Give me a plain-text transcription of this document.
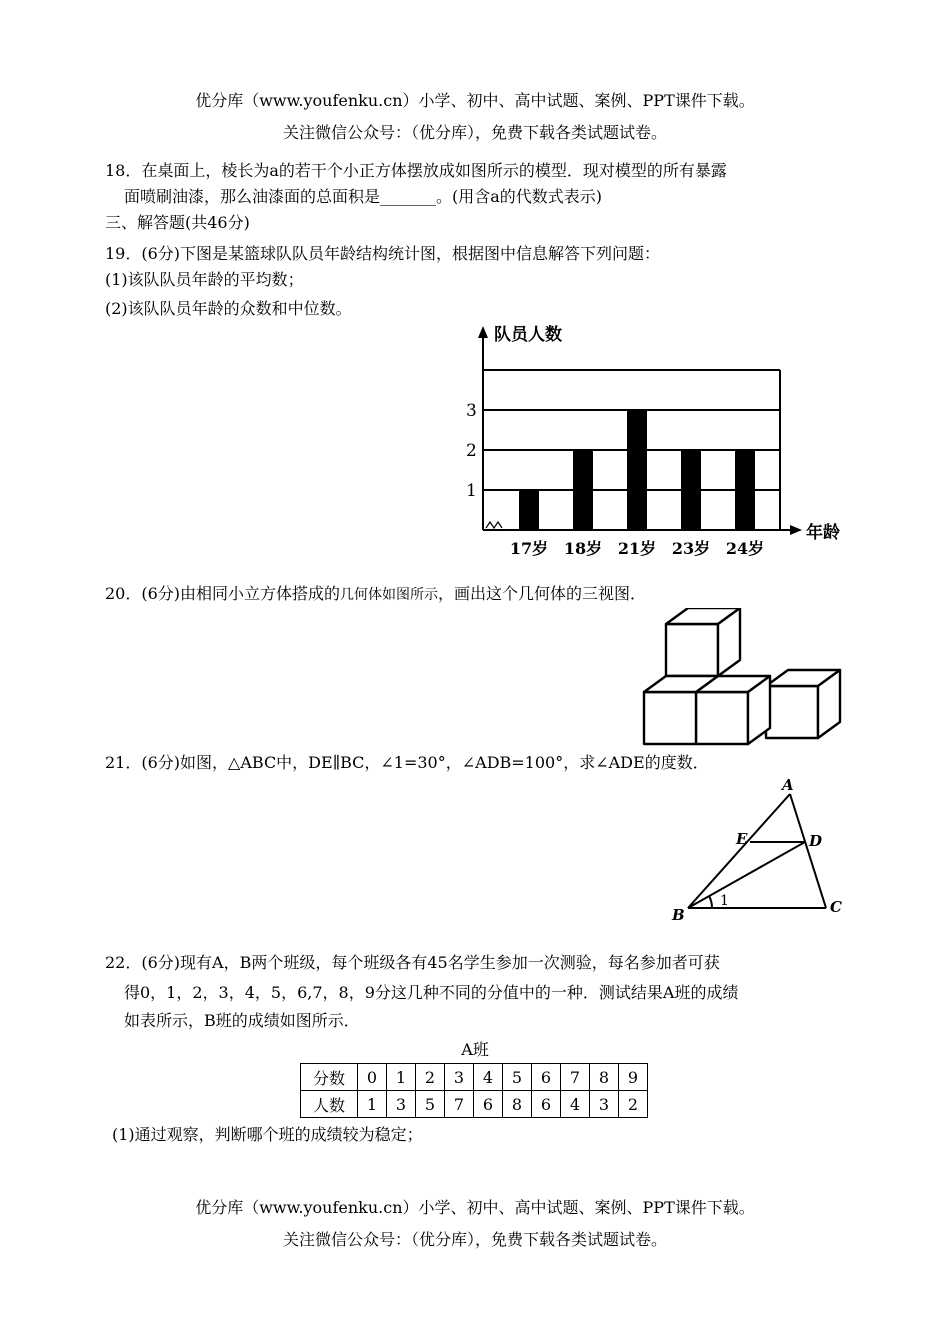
优分库（www.youfenku.cn）小学、初中、高中试题、案例、PPT课件下载。
关注微信公众号：（优分库），免费下载各类试题试卷。
18．在桌面上，棱长为a的若干个小正方体摆放成如图所示的模型．现对模型的所有暴露
面喷刷油漆，那么油漆面的总面积是_______。(用含a的代数式表示)
三、解答题(共46分)
19．(6分)下图是某篮球队队员年龄结构统计图，根据图中信息解答下列问题：
(1)该队队员年龄的平均数；
(2)该队队员年龄的众数和中位数。
队员人数
年龄
1
2
3
17岁 18岁 21岁 23岁 24岁
20．(6分)由相同小立方体搭成的几何体如图所示，画出这个几何体的三视图．
21．(6分)如图，△ABC中，DE∥BC，∠1=30°，∠ADB=100°，求∠ADE的度数．
A
E	D
B	C
1
22．(6分)现有A，B两个班级，每个班级各有45名学生参加一次测验，每名参加者可获
得0，1，2，3，4，5，6,7，8，9分这几种不同的分值中的一种．测试结果A班的成绩
如表所示，B班的成绩如图所示．
A班
分数	0	1	2	3	4	5	6	7	8	9
人数	1	3	5	7	6	8	6	4	3	2
(1)通过观察，判断哪个班的成绩较为稳定；
优分库（www.youfenku.cn）小学、初中、高中试题、案例、PPT课件下载。
关注微信公众号：（优分库），免费下载各类试题试卷。
